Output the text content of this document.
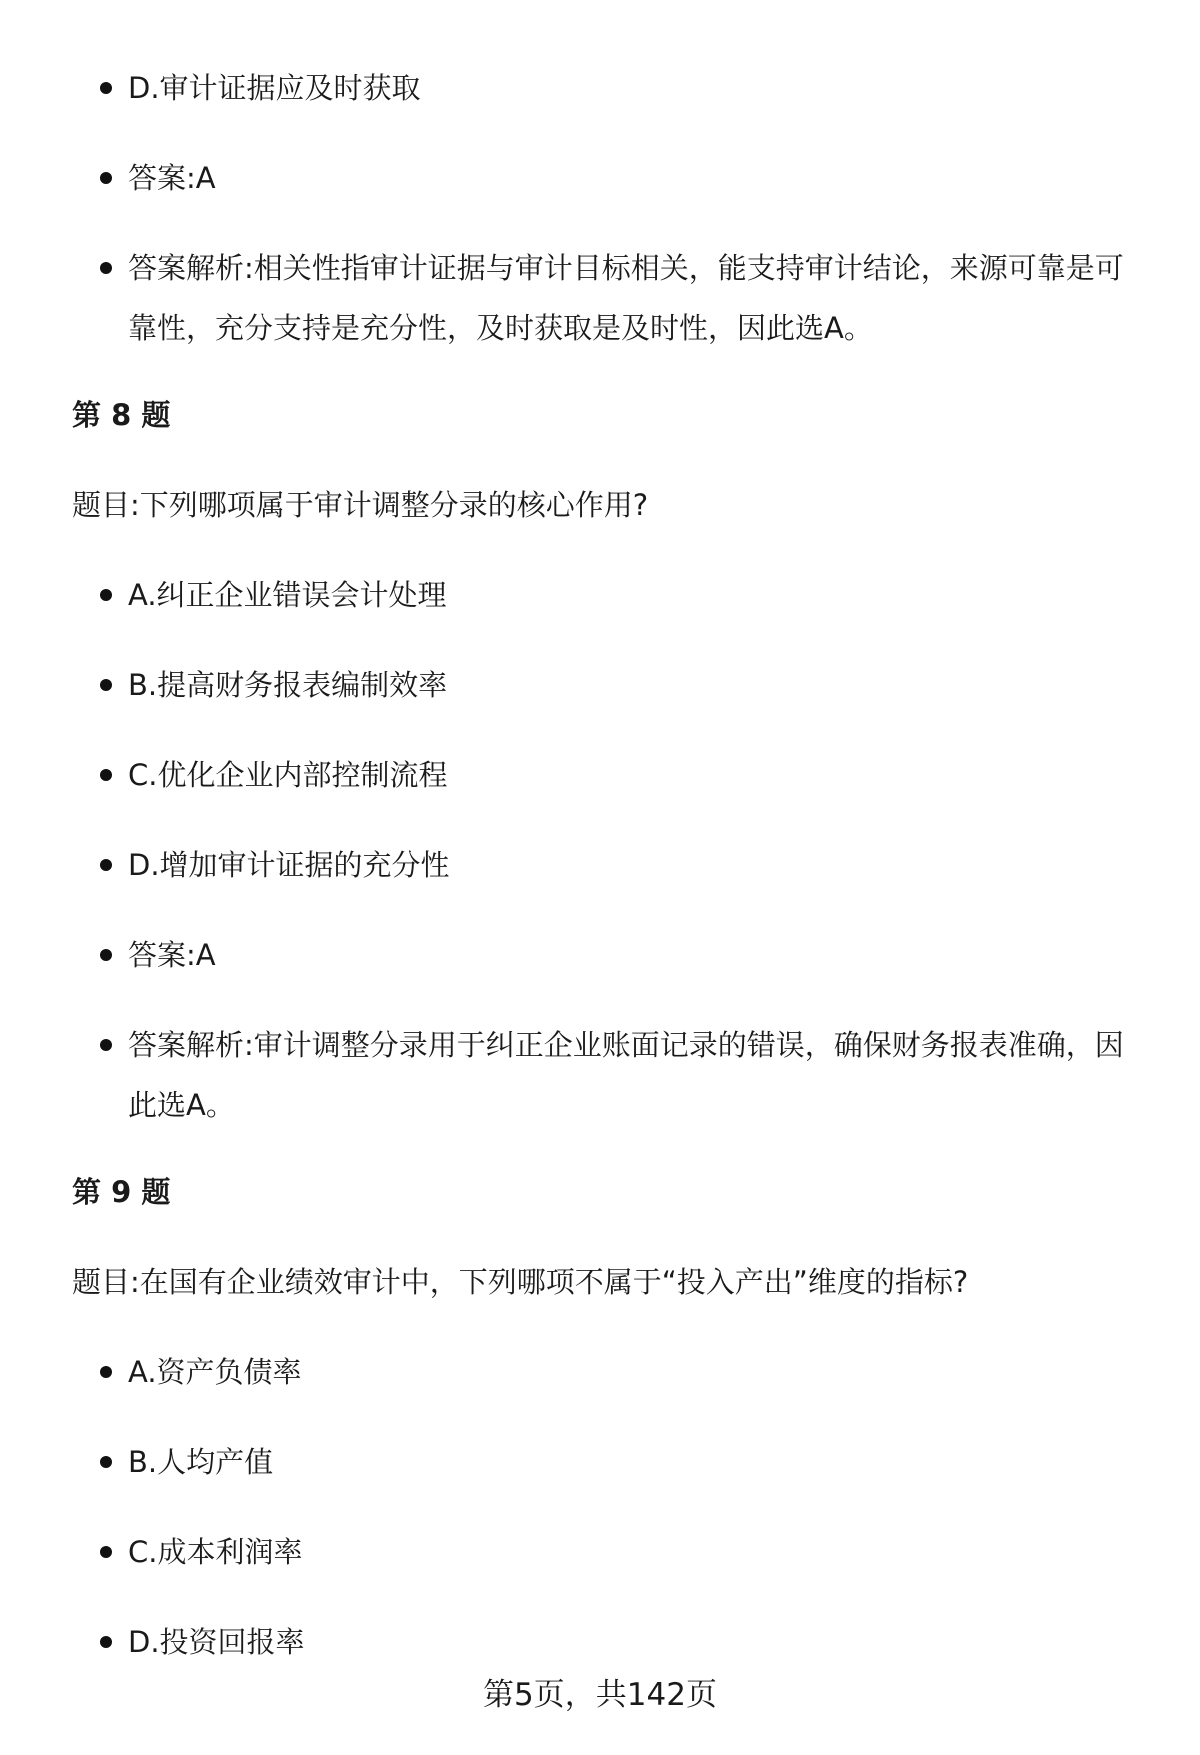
D.审计证据应及时获取
答案:A
答案解析:相关性指审计证据与审计目标相关，能支持审计结论，来源可靠是可靠性，充分支持是充分性，及时获取是及时性，因此选A。
第 8 题

题目:下列哪项属于审计调整分录的核心作用?

A.纠正企业错误会计处理
B.提高财务报表编制效率
C.优化企业内部控制流程
D.增加审计证据的充分性
答案:A
答案解析:审计调整分录用于纠正企业账面记录的错误，确保财务报表准确，因此选A。
第 9 题

题目:在国有企业绩效审计中，下列哪项不属于“投入产出”维度的指标?

A.资产负债率
B.人均产值
C.成本利润率
D.投资回报率
第5页，共142页
